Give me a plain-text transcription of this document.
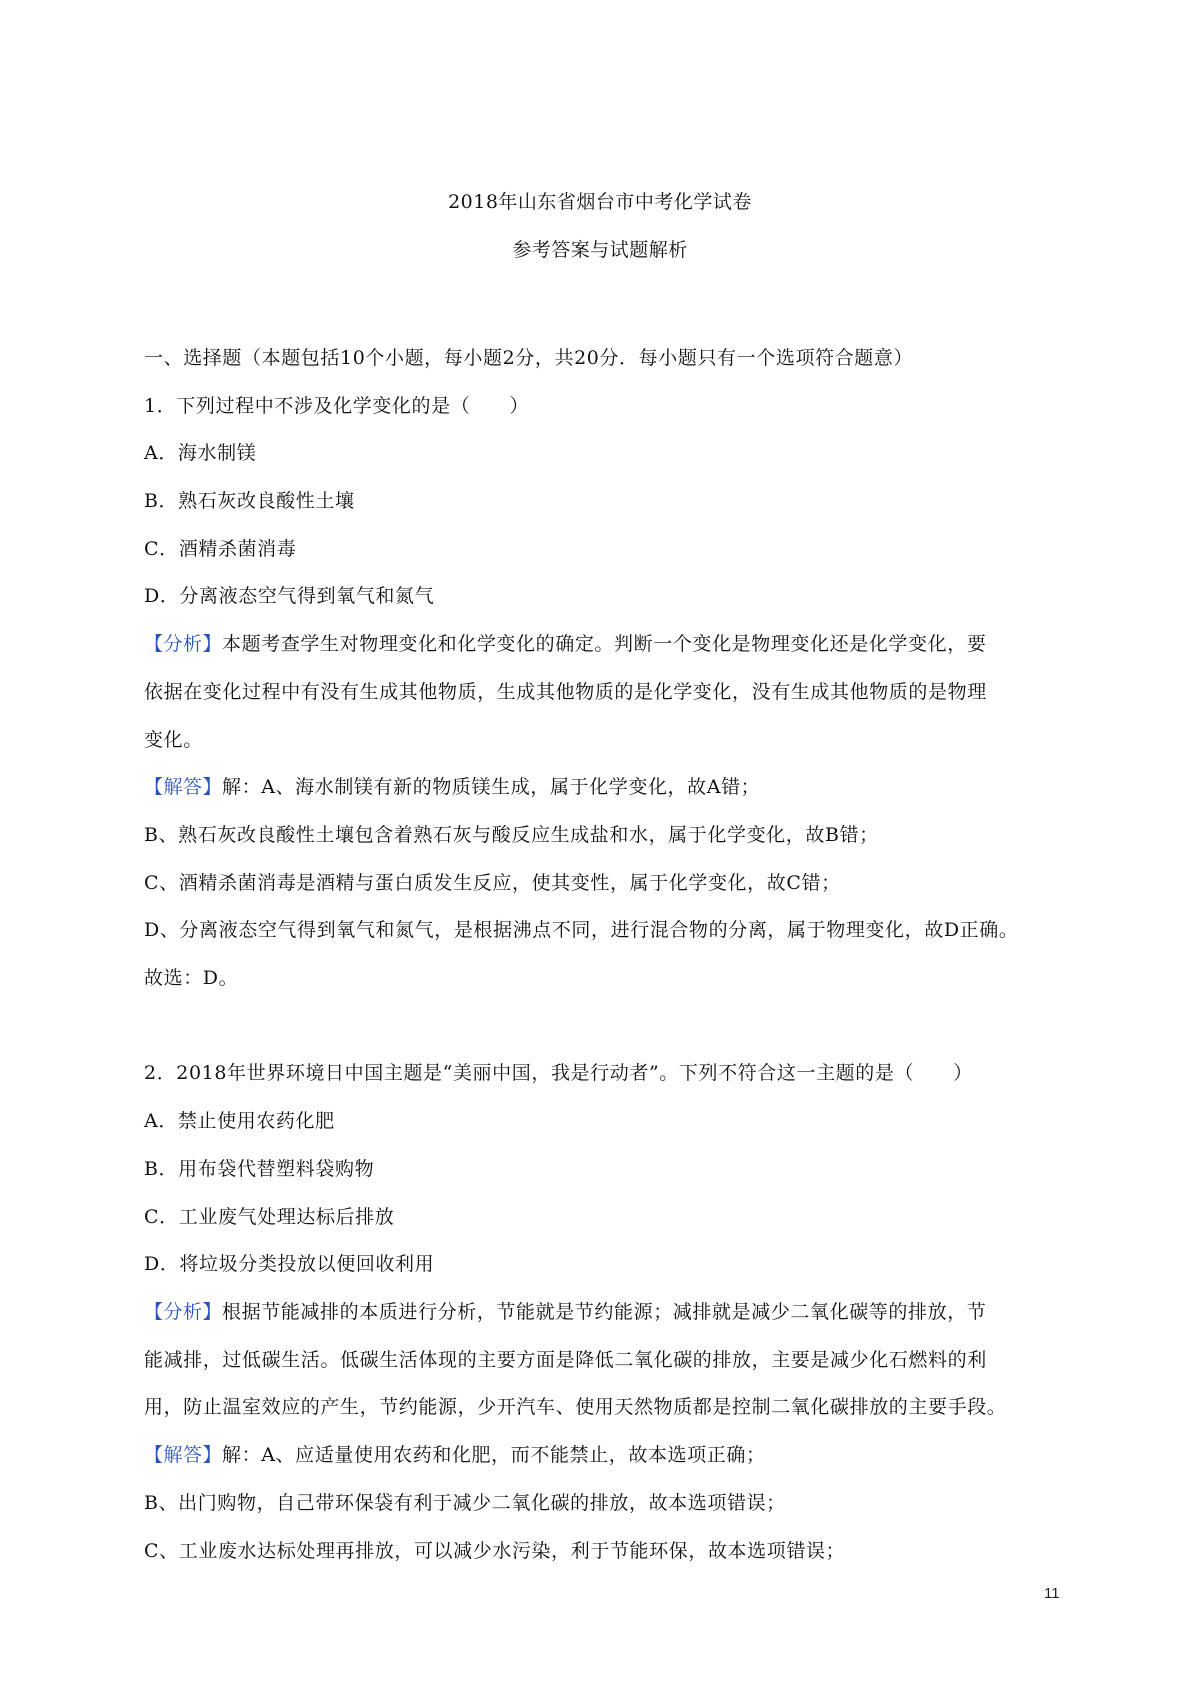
2018年山东省烟台市中考化学试卷
参考答案与试题解析
一、选择题（本题包括10个小题，每小题2分，共20分．每小题只有一个选项符合题意）
1．下列过程中不涉及化学变化的是（　　）
A．海水制镁
B．熟石灰改良酸性土壤
C．酒精杀菌消毒
D．分离液态空气得到氧气和氮气
【分析】本题考查学生对物理变化和化学变化的确定。判断一个变化是物理变化还是化学变化，要
依据在变化过程中有没有生成其他物质，生成其他物质的是化学变化，没有生成其他物质的是物理
变化。
【解答】解：A、海水制镁有新的物质镁生成，属于化学变化，故A错；
B、熟石灰改良酸性土壤包含着熟石灰与酸反应生成盐和水，属于化学变化，故B错；
C、酒精杀菌消毒是酒精与蛋白质发生反应，使其变性，属于化学变化，故C错；
D、分离液态空气得到氧气和氮气，是根据沸点不同，进行混合物的分离，属于物理变化，故D正确。
故选：D。
2．2018年世界环境日中国主题是“美丽中国，我是行动者”。下列不符合这一主题的是（　　）
A．禁止使用农药化肥
B．用布袋代替塑料袋购物
C．工业废气处理达标后排放
D．将垃圾分类投放以便回收利用
【分析】根据节能减排的本质进行分析，节能就是节约能源；减排就是减少二氧化碳等的排放，节
能减排，过低碳生活。低碳生活体现的主要方面是降低二氧化碳的排放，主要是减少化石燃料的利
用，防止温室效应的产生，节约能源，少开汽车、使用天然物质都是控制二氧化碳排放的主要手段。
【解答】解：A、应适量使用农药和化肥，而不能禁止，故本选项正确；
B、出门购物，自己带环保袋有利于减少二氧化碳的排放，故本选项错误；
C、工业废水达标处理再排放，可以减少水污染，利于节能环保，故本选项错误；
11
